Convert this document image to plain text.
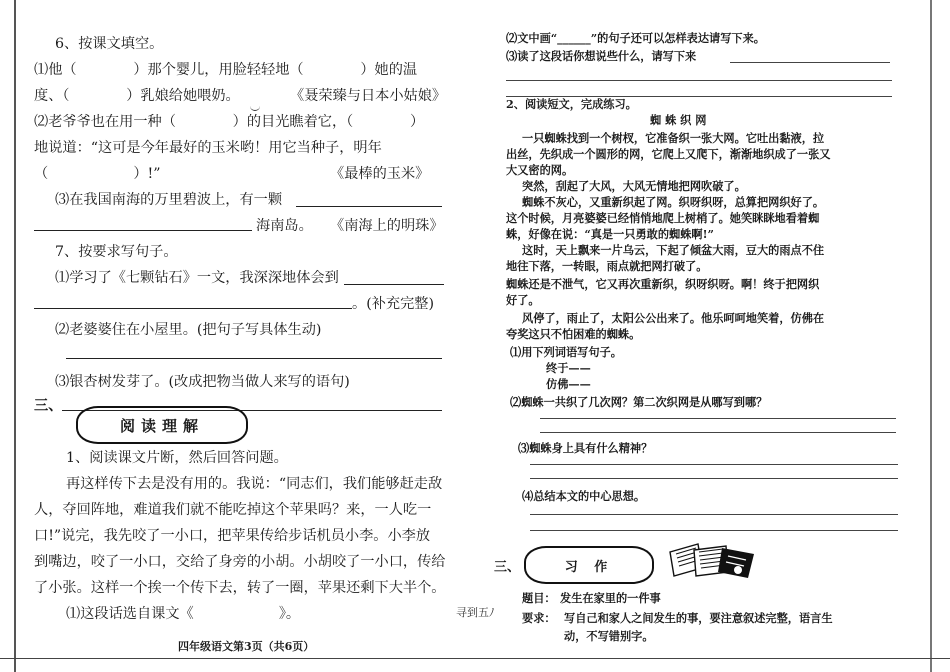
6、按课文填空。
⑴他（　　　　）那个婴儿，用脸轻轻地（　　　　）她的温
度、（　　　　）乳娘给她喂奶。	《聂荣臻与日本小姑娘》
⑵老爷爷也在用一种（　　　　）的目光瞧着它，（　　　　）
地说道：“这可是今年最好的玉米哟！用它当种子，明年
（　　　　　　）!”	《最棒的玉米》
⑶在我国南海的万里碧波上，有一颗
海南岛。 《南海上的明珠》
7、按要求写句子。
⑴学习了《七颗钻石》一文，我深深地体会到
。(补充完整)
⑵老婆婆住在小屋里。(把句子写具体生动)
⑶银杏树发芽了。(改成把物当做人来写的语句)
三、
阅读理解
1、阅读课文片断，然后回答问题。
再这样传下去是没有用的。我说：“同志们，我们能够赶走敌
人，夺回阵地，难道我们就不能吃掉这个苹果吗？来，一人吃一
口!”说完，我先咬了一小口，把苹果传给步话机员小李。小李放
到嘴边，咬了一小口，交给了身旁的小胡。小胡咬了一小口，传给
了小张。这样一个挨一个传下去，转了一圈，苹果还剩下大半个。
⑴这段话选自课文《　　　　　　》。
四年级语文第3页（共6页）
寻到五ﾉ
⑵文中画“______”的句子还可以怎样表达请写下来。
⑶读了这段话你想说些什么，请写下来
2、阅读短文，完成练习。
蜘 蛛 织 网
一只蜘蛛找到一个树杈，它准备织一张大网。它吐出黏液，拉
出丝，先织成一个圆形的网，它爬上又爬下，渐渐地织成了一张又
大又密的网。
突然，刮起了大风，大风无情地把网吹破了。
蜘蛛不灰心，又重新织起了网。织呀织呀，总算把网织好了。
这个时候，月亮婆婆已经悄悄地爬上树梢了。她笑眯眯地看着蜘
蛛，好像在说：“真是一只勇敢的蜘蛛啊!”
这时，天上飘来一片乌云，下起了倾盆大雨，豆大的雨点不住
地往下落，一转眼，雨点就把网打破了。
蜘蛛还是不泄气，它又再次重新织，织呀织呀。啊！终于把网织
好了。
风停了，雨止了，太阳公公出来了。他乐呵呵地笑着，仿佛在
夸奖这只不怕困难的蜘蛛。
⑴用下列词语写句子。
终于——
仿佛——
⑵蜘蛛一共织了几次网？第二次织网是从哪写到哪？
⑶蜘蛛身上具有什么精神？
⑷总结本文的中心思想。
三、	习 作
题目： 发生在家里的一件事
要求： 写自己和家人之间发生的事，要注意叙述完整，语言生
动，不写错别字。
